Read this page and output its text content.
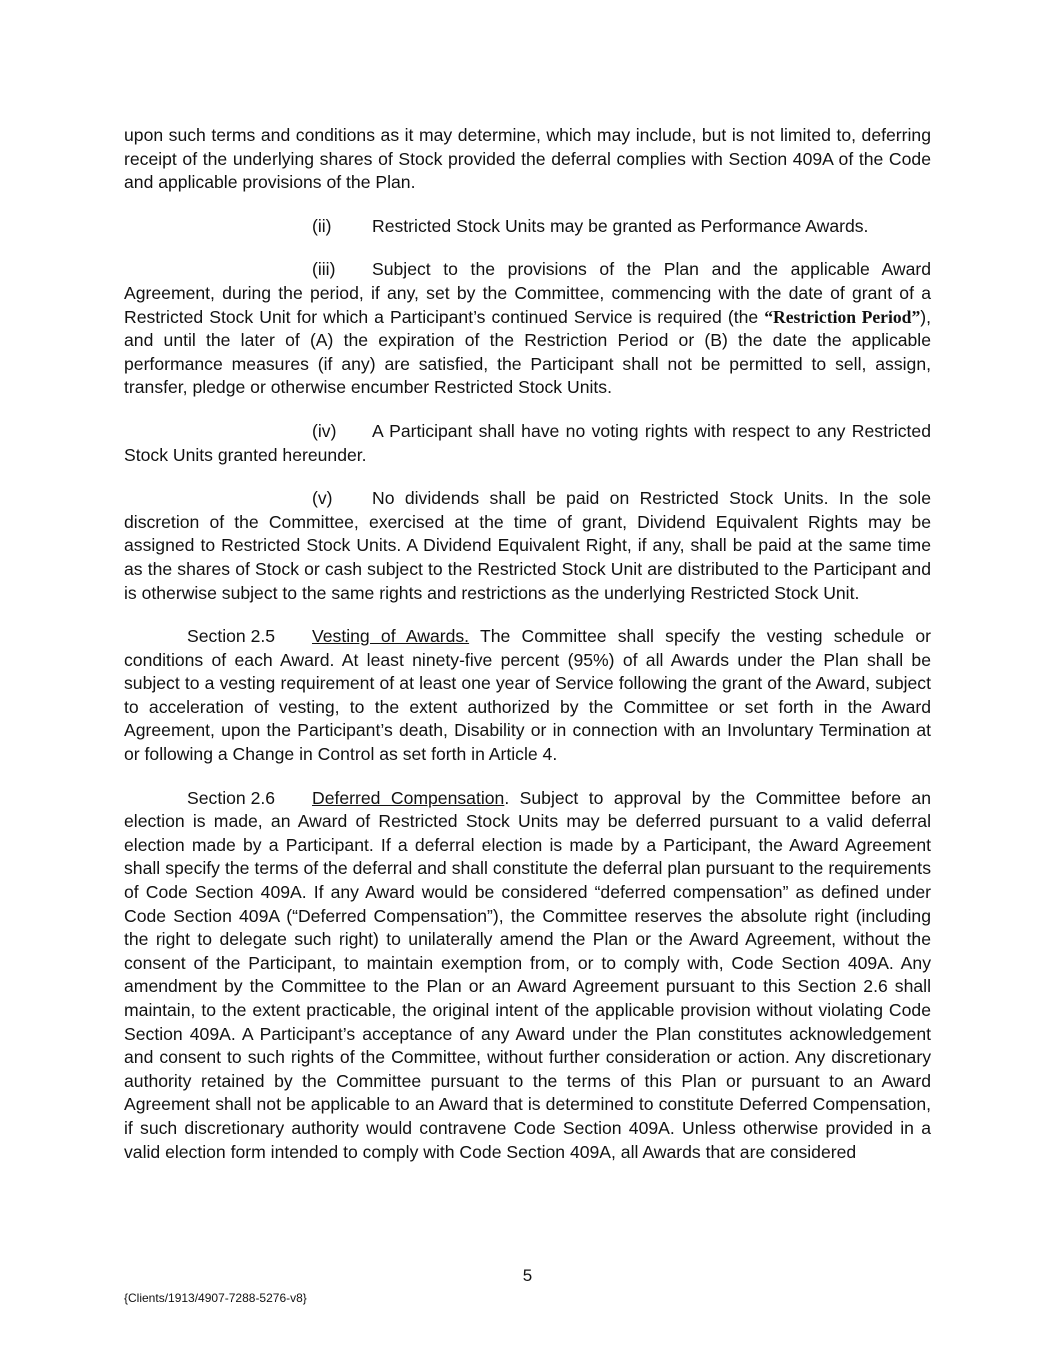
upon such terms and conditions as it may determine, which may include, but is not limited to, deferring receipt of the underlying shares of Stock provided the deferral complies with Section 409A of the Code and applicable provisions of the Plan.

(ii) Restricted Stock Units may be granted as Performance Awards.

(iii) Subject to the provisions of the Plan and the applicable Award Agreement, during the period, if any, set by the Committee, commencing with the date of grant of a Restricted Stock Unit for which a Participant’s continued Service is required (the “Restriction Period”), and until the later of (A) the expiration of the Restriction Period or (B) the date the applicable performance measures (if any) are satisfied, the Participant shall not be permitted to sell, assign, transfer, pledge or otherwise encumber Restricted Stock Units.

(iv) A Participant shall have no voting rights with respect to any Restricted Stock Units granted hereunder.

(v) No dividends shall be paid on Restricted Stock Units. In the sole discretion of the Committee, exercised at the time of grant, Dividend Equivalent Rights may be assigned to Restricted Stock Units. A Dividend Equivalent Right, if any, shall be paid at the same time as the shares of Stock or cash subject to the Restricted Stock Unit are distributed to the Participant and is otherwise subject to the same rights and restrictions as the underlying Restricted Stock Unit.

Section 2.5 Vesting of Awards. The Committee shall specify the vesting schedule or conditions of each Award. At least ninety-five percent (95%) of all Awards under the Plan shall be subject to a vesting requirement of at least one year of Service following the grant of the Award, subject to acceleration of vesting, to the extent authorized by the Committee or set forth in the Award Agreement, upon the Participant’s death, Disability or in connection with an Involuntary Termination at or following a Change in Control as set forth in Article 4.

Section 2.6 Deferred Compensation. Subject to approval by the Committee before an election is made, an Award of Restricted Stock Units may be deferred pursuant to a valid deferral election made by a Participant. If a deferral election is made by a Participant, the Award Agreement shall specify the terms of the deferral and shall constitute the deferral plan pursuant to the requirements of Code Section 409A. If any Award would be considered “deferred compensation” as defined under Code Section 409A (“Deferred Compensation”), the Committee reserves the absolute right (including the right to delegate such right) to unilaterally amend the Plan or the Award Agreement, without the consent of the Participant, to maintain exemption from, or to comply with, Code Section 409A. Any amendment by the Committee to the Plan or an Award Agreement pursuant to this Section 2.6 shall maintain, to the extent practicable, the original intent of the applicable provision without violating Code Section 409A. A Participant’s acceptance of any Award under the Plan constitutes acknowledgement and consent to such rights of the Committee, without further consideration or action. Any discretionary authority retained by the Committee pursuant to the terms of this Plan or pursuant to an Award Agreement shall not be applicable to an Award that is determined to constitute Deferred Compensation, if such discretionary authority would contravene Code Section 409A. Unless otherwise provided in a valid election form intended to comply with Code Section 409A, all Awards that are considered

5
{Clients/1913/4907-7288-5276-v8}
